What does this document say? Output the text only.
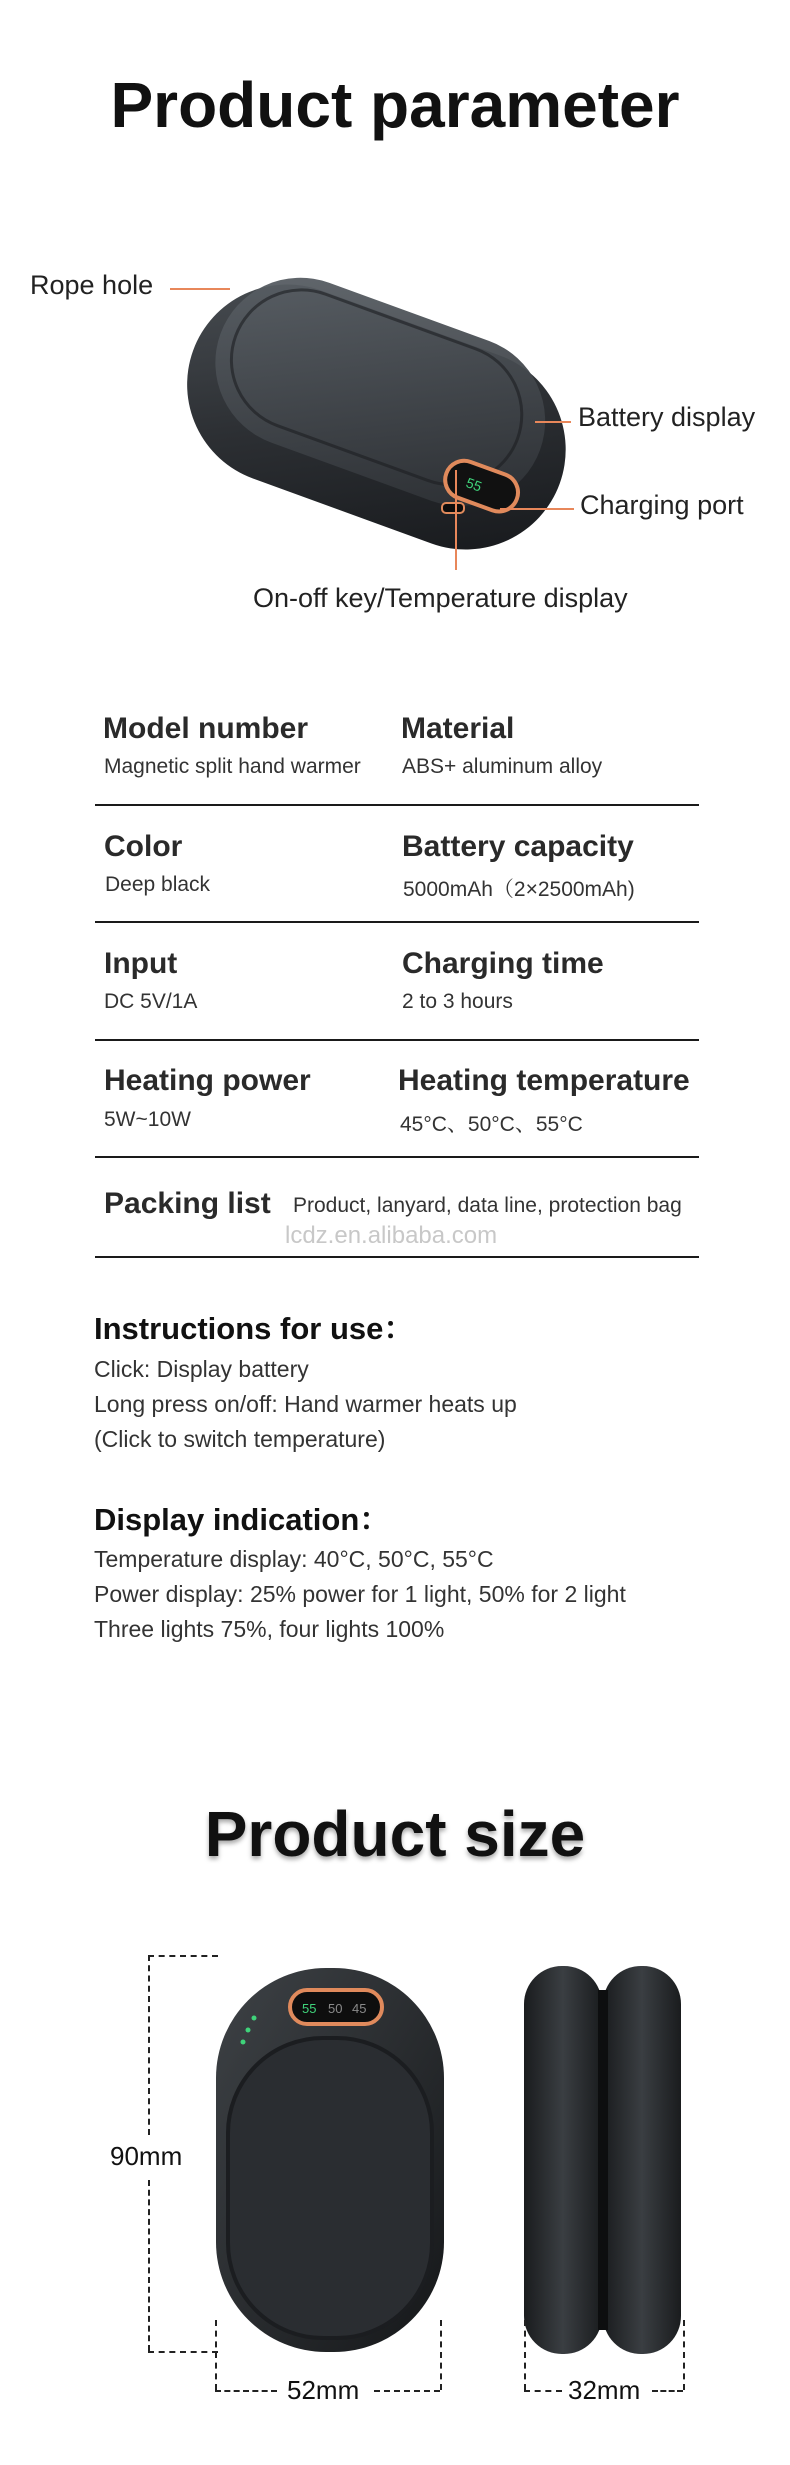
Product parameter
55
Rope hole
Battery display
Charging port
On-off key/Temperature display
Model number
Magnetic split hand warmer
Material
ABS+ aluminum alloy
Color
Deep black
Battery capacity
5000mAh（2×2500mAh)
Input
DC 5V/1A
Charging time
2 to 3 hours
Heating power
5W~10W
Heating temperature
45°C、50°C、55°C
Packing list Product, lanyard, data line, protection bag
lcdz.en.alibaba.com
Instructions for use：
Click: Display battery
Long press on/off: Hand warmer heats up
(Click to switch temperature)
Display indication：
Temperature display: 40°C, 50°C, 55°C
Power display: 25% power for 1 light, 50% for 2 light
Three lights 75%, four lights 100%
Product size
55 50 45
90mm
52mm	32mm
